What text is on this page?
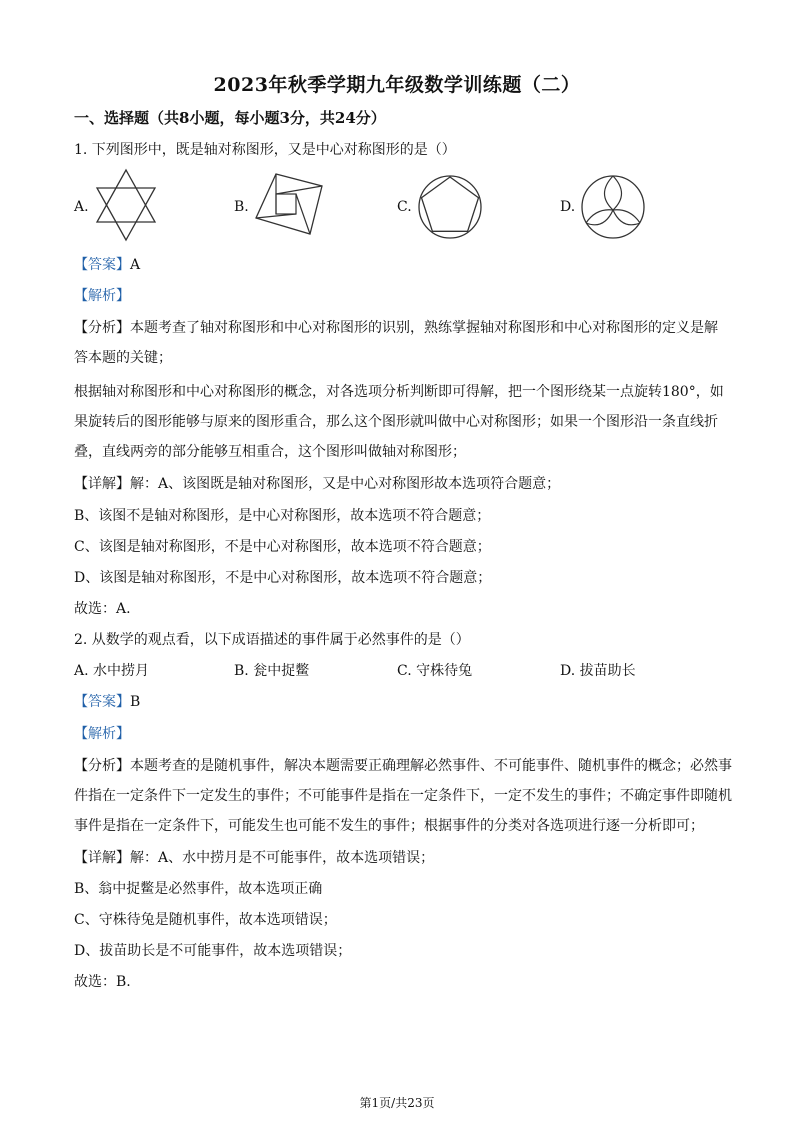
2023年秋季学期九年级数学训练题（二）
一、选择题（共8小题，每小题3分，共24分）
1. 下列图形中，既是轴对称图形，又是中心对称图形的是（）
A.	B.	C.	D.
【答案】A
【解析】
【分析】本题考查了轴对称图形和中心对称图形的识别，熟练掌握轴对称图形和中心对称图形的定义是解
答本题的关键；
根据轴对称图形和中心对称图形的概念，对各选项分析判断即可得解，把一个图形绕某一点旋转180°，如
果旋转后的图形能够与原来的图形重合，那么这个图形就叫做中心对称图形；如果一个图形沿一条直线折
叠，直线两旁的部分能够互相重合，这个图形叫做轴对称图形；
【详解】解：A、该图既是轴对称图形，又是中心对称图形故本选项符合题意；
B、该图不是轴对称图形，是中心对称图形，故本选项不符合题意；
C、该图是轴对称图形，不是中心对称图形，故本选项不符合题意；
D、该图是轴对称图形，不是中心对称图形，故本选项不符合题意；
故选：A.
2. 从数学的观点看，以下成语描述的事件属于必然事件的是（）
A. 水中捞月	B. 瓮中捉鳖	C. 守株待兔	D. 拔苗助长
【答案】B
【解析】
【分析】本题考查的是随机事件，解决本题需要正确理解必然事件、不可能事件、随机事件的概念；必然事
件指在一定条件下一定发生的事件；不可能事件是指在一定条件下，一定不发生的事件；不确定事件即随机
事件是指在一定条件下，可能发生也可能不发生的事件；根据事件的分类对各选项进行逐一分析即可；
【详解】解：A、水中捞月是不可能事件，故本选项错误；
B、翁中捉鳖是必然事件，故本选项正确
C、守株待兔是随机事件，故本选项错误；
D、拔苗助长是不可能事件，故本选项错误；
故选：B.
第1页/共23页
